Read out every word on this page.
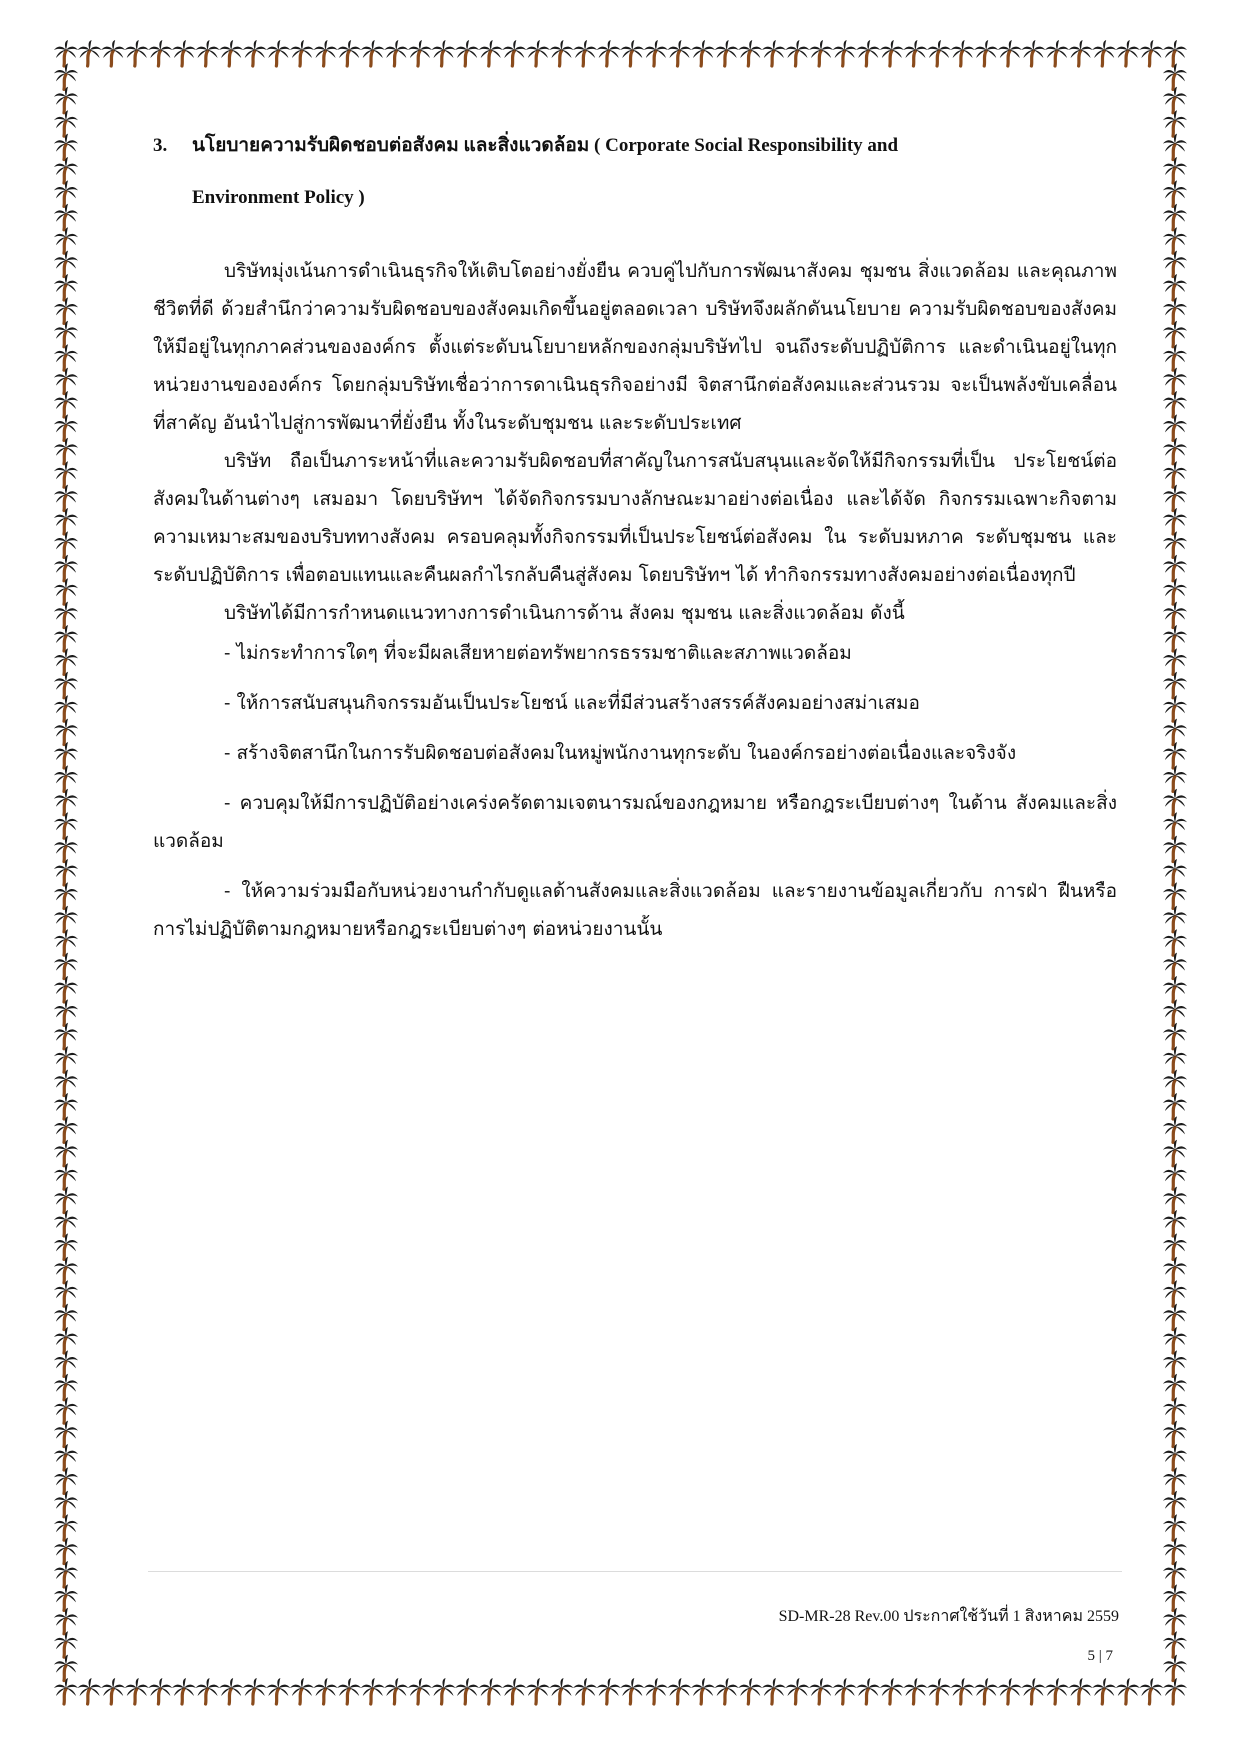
3. นโยบายความรับผิดชอบต่อสังคม และสิ่งแวดล้อม ( Corporate Social Responsibility and
Environment Policy )

บริษัทมุ่งเน้นการดำเนินธุรกิจให้เติบโตอย่างยั่งยืน ควบคู่ไปกับการพัฒนาสังคม ชุมชน สิ่งแวดล้อม และคุณภาพชีวิตที่ดี ด้วยสำนึกว่าความรับผิดชอบของสังคมเกิดขึ้นอยู่ตลอดเวลา บริษัทจึงผลักดันนโยบาย ความรับผิดชอบของสังคม ให้มีอยู่ในทุกภาคส่วนขององค์กร ตั้งแต่ระดับนโยบายหลักของกลุ่มบริษัทไป จนถึงระดับปฏิบัติการ และดำเนินอยู่ในทุกหน่วยงานขององค์กร โดยกลุ่มบริษัทเชื่อว่าการดาเนินธุรกิจอย่างมี จิตสานึกต่อสังคมและส่วนรวม จะเป็นพลังขับเคลื่อนที่สาคัญ อันนำไปสู่การพัฒนาที่ยั่งยืน ทั้งในระดับชุมชน และระดับประเทศ

บริษัท ถือเป็นภาระหน้าที่และความรับผิดชอบที่สาคัญในการสนับสนุนและจัดให้มีกิจกรรมที่เป็น ประโยชน์ต่อสังคมในด้านต่างๆ เสมอมา โดยบริษัทฯ ได้จัดกิจกรรมบางลักษณะมาอย่างต่อเนื่อง และได้จัด กิจกรรมเฉพาะกิจตามความเหมาะสมของบริบททางสังคม ครอบคลุมทั้งกิจกรรมที่เป็นประโยชน์ต่อสังคม ใน ระดับมหภาค ระดับชุมชน และระดับปฏิบัติการ เพื่อตอบแทนและคืนผลกำไรกลับคืนสู่สังคม โดยบริษัทฯ ได้ ทำกิจกรรมทางสังคมอย่างต่อเนื่องทุกปี

บริษัทได้มีการกำหนดแนวทางการดำเนินการด้าน สังคม ชุมชน และสิ่งแวดล้อม ดังนี้

- ไม่กระทำการใดๆ ที่จะมีผลเสียหายต่อทรัพยากรธรรมชาติและสภาพแวดล้อม

- ให้การสนับสนุนกิจกรรมอันเป็นประโยชน์ และที่มีส่วนสร้างสรรค์สังคมอย่างสม่าเสมอ

- สร้างจิตสานึกในการรับผิดชอบต่อสังคมในหมู่พนักงานทุกระดับ ในองค์กรอย่างต่อเนื่องและจริงจัง

- ควบคุมให้มีการปฏิบัติอย่างเคร่งครัดตามเจตนารมณ์ของกฎหมาย หรือกฎระเบียบต่างๆ ในด้าน สังคมและสิ่งแวดล้อม

- ให้ความร่วมมือกับหน่วยงานกำกับดูแลด้านสังคมและสิ่งแวดล้อม และรายงานข้อมูลเกี่ยวกับ การฝ่า ฝืนหรือการไม่ปฏิบัติตามกฎหมายหรือกฎระเบียบต่างๆ ต่อหน่วยงานนั้น

SD-MR-28 Rev.00 ประกาศใช้วันที่ 1 สิงหาคม 2559
5 | 7
